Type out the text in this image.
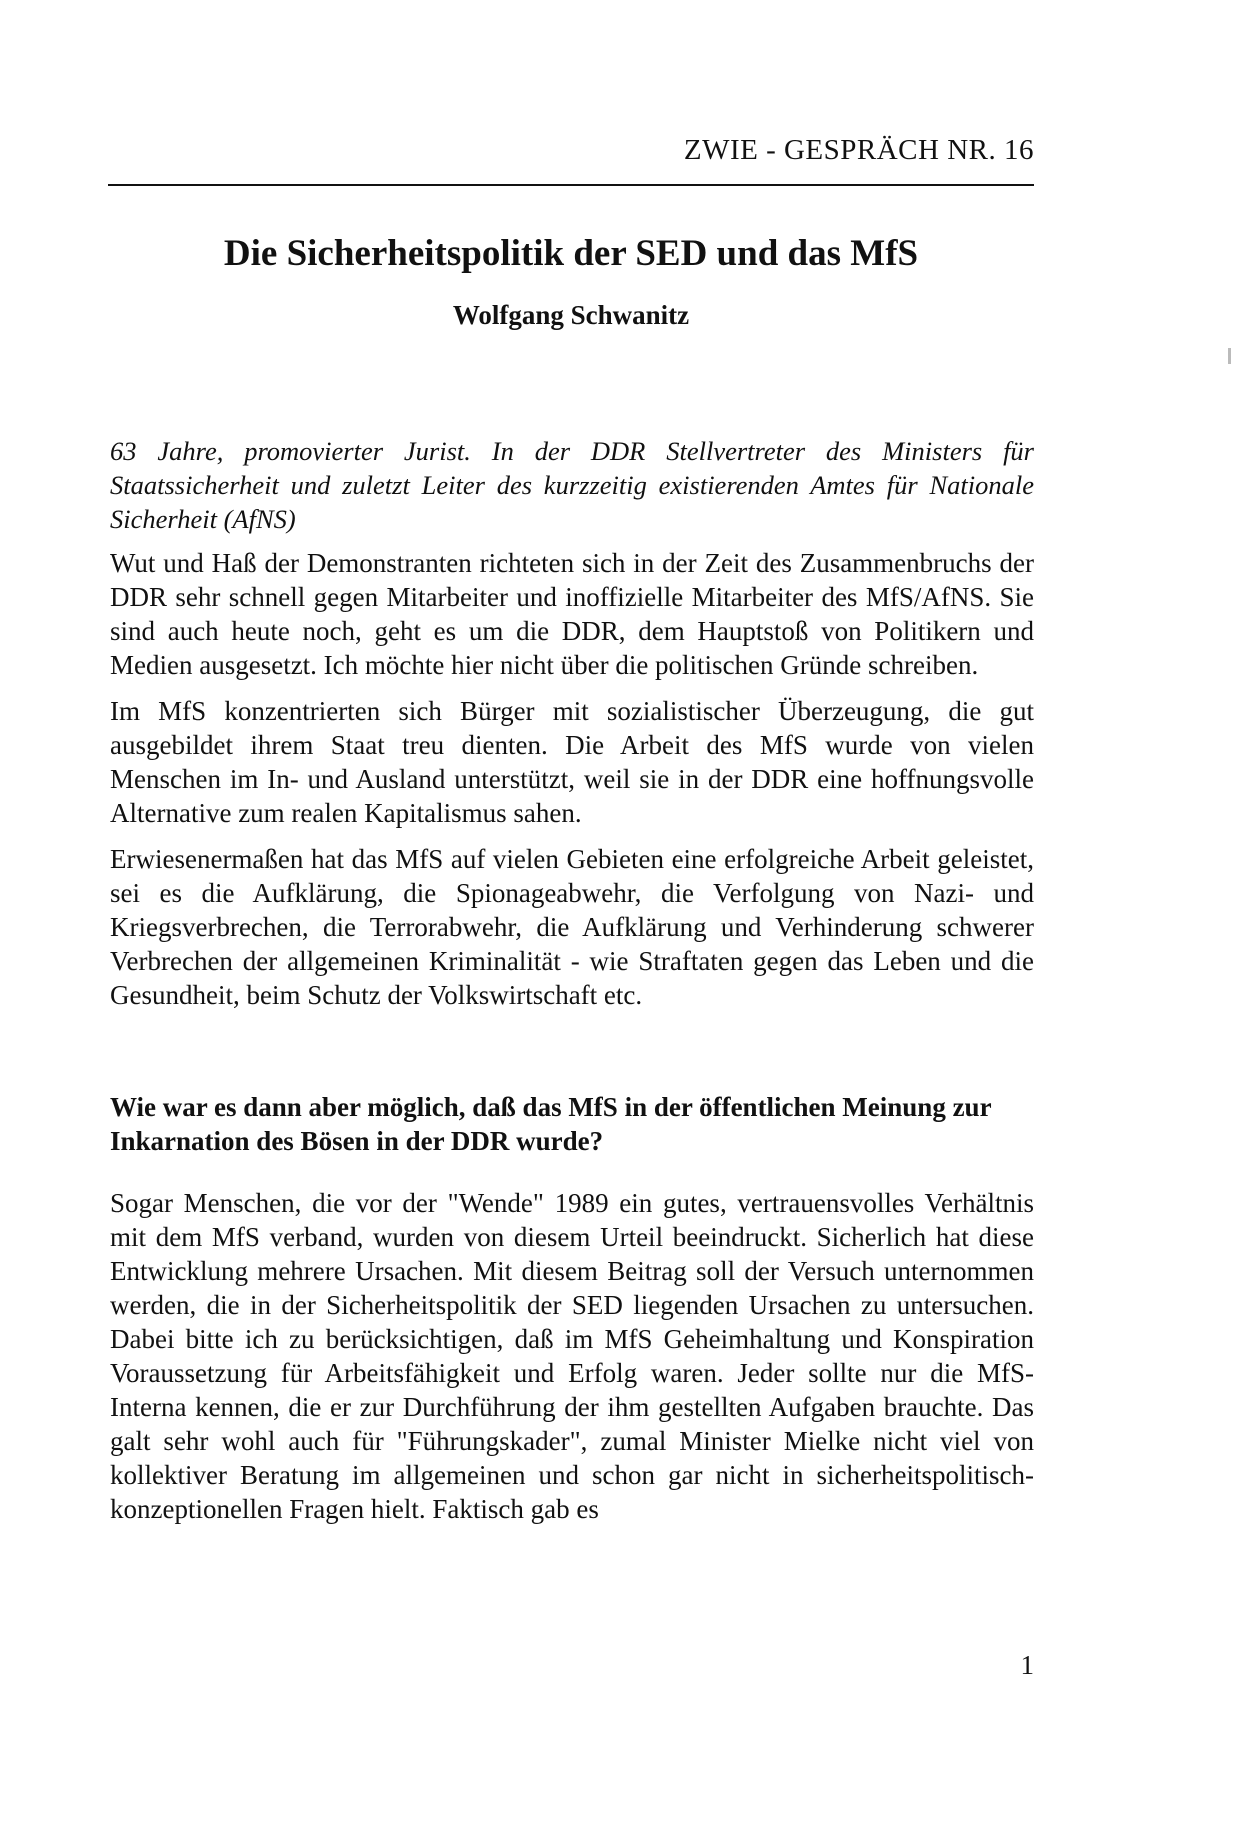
ZWIE - GESPRÄCH NR. 16
Die Sicherheitspolitik der SED und das MfS
Wolfgang Schwanitz

63 Jahre, promovierter Jurist. In der DDR Stellvertreter des Ministers für Staatssicherheit und zuletzt Leiter des kurzzeitig existierenden Amtes für Nationale Sicherheit (AfNS)

Wut und Haß der Demonstranten richteten sich in der Zeit des Zusammenbruchs der DDR sehr schnell gegen Mitarbeiter und inoffizielle Mitarbeiter des MfS/AfNS. Sie sind auch heute noch, geht es um die DDR, dem Hauptstoß von Politikern und Medien ausgesetzt. Ich möchte hier nicht über die politischen Gründe schreiben.

Im MfS konzentrierten sich Bürger mit sozialistischer Überzeugung, die gut ausgebildet ihrem Staat treu dienten. Die Arbeit des MfS wurde von vielen Menschen im In- und Ausland unterstützt, weil sie in der DDR eine hoffnungsvolle Alternative zum realen Kapitalismus sahen.

Erwiesenermaßen hat das MfS auf vielen Gebieten eine erfolgreiche Arbeit geleistet, sei es die Aufklärung, die Spionageabwehr, die Verfolgung von Nazi- und Kriegsverbrechen, die Terrorabwehr, die Aufklärung und Verhinderung schwerer Verbrechen der allgemeinen Kriminalität - wie Straftaten gegen das Leben und die Gesundheit, beim Schutz der Volkswirtschaft etc.

Wie war es dann aber möglich, daß das MfS in der öffentlichen Meinung zur Inkarnation des Bösen in der DDR wurde?

Sogar Menschen, die vor der "Wende" 1989 ein gutes, vertrauensvolles Verhältnis mit dem MfS verband, wurden von diesem Urteil beeindruckt. Sicherlich hat diese Entwicklung mehrere Ursachen. Mit diesem Beitrag soll der Versuch unternommen werden, die in der Sicherheitspolitik der SED liegenden Ursachen zu untersuchen. Dabei bitte ich zu berücksichtigen, daß im MfS Geheimhaltung und Konspiration Voraussetzung für Arbeitsfähigkeit und Erfolg waren. Jeder sollte nur die MfS-Interna kennen, die er zur Durchführung der ihm gestellten Aufgaben brauchte. Das galt sehr wohl auch für "Führungskader", zumal Minister Mielke nicht viel von kollektiver Beratung im allgemeinen und schon gar nicht in sicherheitspolitisch-konzeptionellen Fragen hielt. Faktisch gab es

1
